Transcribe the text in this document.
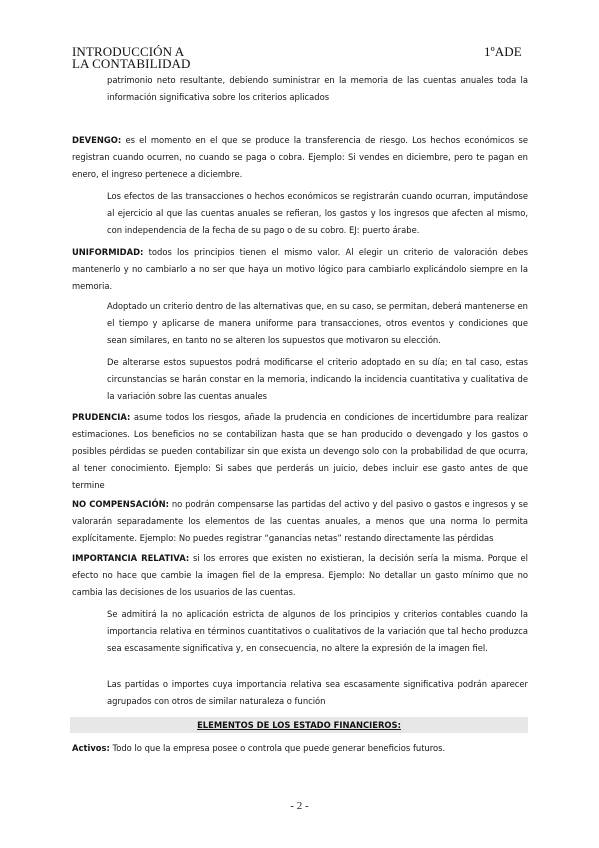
INTRODUCCIÓN A
LA CONTABILIDAD
1ºADE

patrimonio neto resultante, debiendo suministrar en la memoria de las cuentas anuales toda la información significativa sobre los criterios aplicados

DEVENGO: es el momento en el que se produce la transferencia de riesgo. Los hechos económicos se registran cuando ocurren, no cuando se paga o cobra. Ejemplo: Si vendes en diciembre, pero te pagan en enero, el ingreso pertenece a diciembre.

Los efectos de las transacciones o hechos económicos se registrarán cuando ocurran, imputándose al ejercicio al que las cuentas anuales se refieran, los gastos y los ingresos que afecten al mismo, con independencia de la fecha de su pago o de su cobro. EJ: puerto árabe.

UNIFORMIDAD: todos los principios tienen el mismo valor. Al elegir un criterio de valoración debes mantenerlo y no cambiarlo a no ser que haya un motivo lógico para cambiarlo explicándolo siempre en la memoria.

Adoptado un criterio dentro de las alternativas que, en su caso, se permitan, deberá mantenerse en el tiempo y aplicarse de manera uniforme para transacciones, otros eventos y condiciones que sean similares, en tanto no se alteren los supuestos que motivaron su elección.

De alterarse estos supuestos podrá modificarse el criterio adoptado en su día; en tal caso, estas circunstancias se harán constar en la memoria, indicando la incidencia cuantitativa y cualitativa de la variación sobre las cuentas anuales

PRUDENCIA: asume todos los riesgos, añade la prudencia en condiciones de incertidumbre para realizar estimaciones. Los beneficios no se contabilizan hasta que se han producido o devengado y los gastos o posibles pérdidas se pueden contabilizar sin que exista un devengo solo con la probabilidad de que ocurra, al tener conocimiento. Ejemplo: Si sabes que perderás un juicio, debes incluir ese gasto antes de que termine

NO COMPENSACIÓN: no podrán compensarse las partidas del activo y del pasivo o gastos e ingresos y se valorarán separadamente los elementos de las cuentas anuales, a menos que una norma lo permita explícitamente. Ejemplo: No puedes registrar “ganancias netas” restando directamente las pérdidas

IMPORTANCIA RELATIVA: si los errores que existen no existieran, la decisión sería la misma. Porque el efecto no hace que cambie la imagen fiel de la empresa. Ejemplo: No detallar un gasto mínimo que no cambia las decisiones de los usuarios de las cuentas.

Se admitirá la no aplicación estricta de algunos de los principios y criterios contables cuando la importancia relativa en términos cuantitativos o cualitativos de la variación que tal hecho produzca sea escasamente significativa y, en consecuencia, no altere la expresión de la imagen fiel.

Las partidas o importes cuya importancia relativa sea escasamente significativa podrán aparecer agrupados con otros de similar naturaleza o función

ELEMENTOS DE LOS ESTADO FINANCIEROS:

Activos: Todo lo que la empresa posee o controla que puede generar beneficios futuros.

- 2 -
